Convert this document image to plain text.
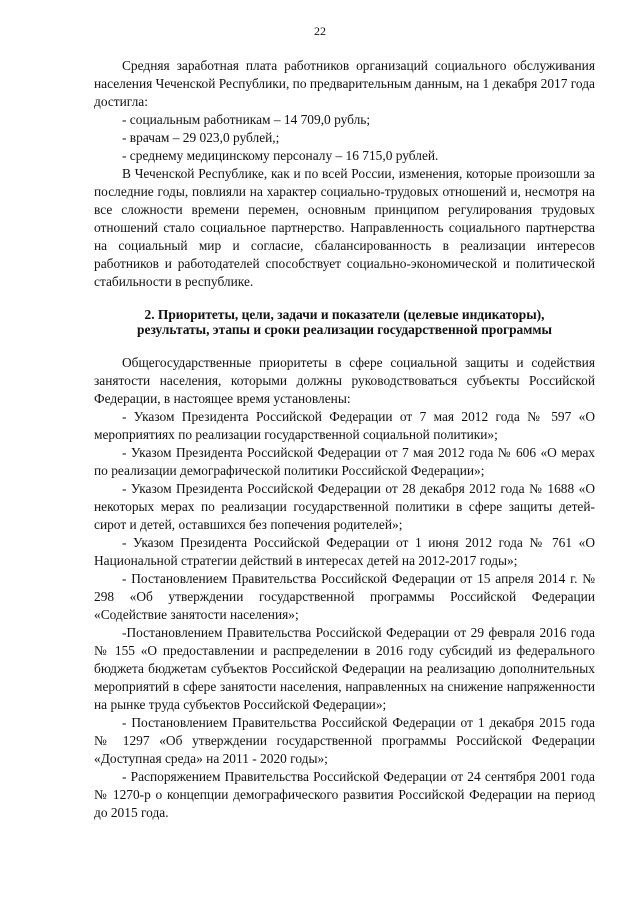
22

Средняя заработная плата работников организаций социального обслуживания населения Чеченской Республики, по предварительным данным, на 1 декабря 2017 года достигла:

- социальным работникам – 14 709,0 рубль;

- врачам – 29 023,0 рублей,;

- среднему медицинскому персоналу – 16 715,0 рублей.

В Чеченской Республике, как и по всей России, изменения, которые произошли за последние годы, повлияли на характер социально-трудовых отношений и, несмотря на все сложности времени перемен, основным принципом регулирования трудовых отношений стало социальное партнерство. Направленность социального партнерства на социальный мир и согласие, сбалансированность в реализации интересов работников и работодателей способствует социально-экономической и политической стабильности в республике.

2. Приоритеты, цели, задачи и показатели (целевые индикаторы),
результаты, этапы и сроки реализации государственной программы

Общегосударственные приоритеты в сфере социальной защиты и содействия занятости населения, которыми должны руководствоваться субъекты Российской Федерации, в настоящее время установлены:

- Указом Президента Российской Федерации от 7 мая 2012 года № 597 «О мероприятиях по реализации государственной социальной политики»;

- Указом Президента Российской Федерации от 7 мая 2012 года № 606 «О мерах по реализации демографической политики Российской Федерации»;

- Указом Президента Российской Федерации от 28 декабря 2012 года № 1688 «О некоторых мерах по реализации государственной политики в сфере защиты детей-сирот и детей, оставшихся без попечения родителей»;

- Указом Президента Российской Федерации от 1 июня 2012 года № 761 «О Национальной стратегии действий в интересах детей на 2012-2017 годы»;

- Постановлением Правительства Российской Федерации от 15 апреля 2014 г. № 298 «Об утверждении государственной программы Российской Федерации «Содействие занятости населения»;

-Постановлением Правительства Российской Федерации от 29 февраля 2016 года № 155 «О предоставлении и распределении в 2016 году субсидий из федерального бюджета бюджетам субъектов Российской Федерации на реализацию дополнительных мероприятий в сфере занятости населения, направленных на снижение напряженности на рынке труда субъектов Российской Федерации»;

- Постановлением Правительства Российской Федерации от 1 декабря 2015 года № 1297 «Об утверждении государственной программы Российской Федерации «Доступная среда» на 2011 - 2020 годы»;

- Распоряжением Правительства Российской Федерации от 24 сентября 2001 года № 1270-р о концепции демографического развития Российской Федерации на период до 2015 года.
